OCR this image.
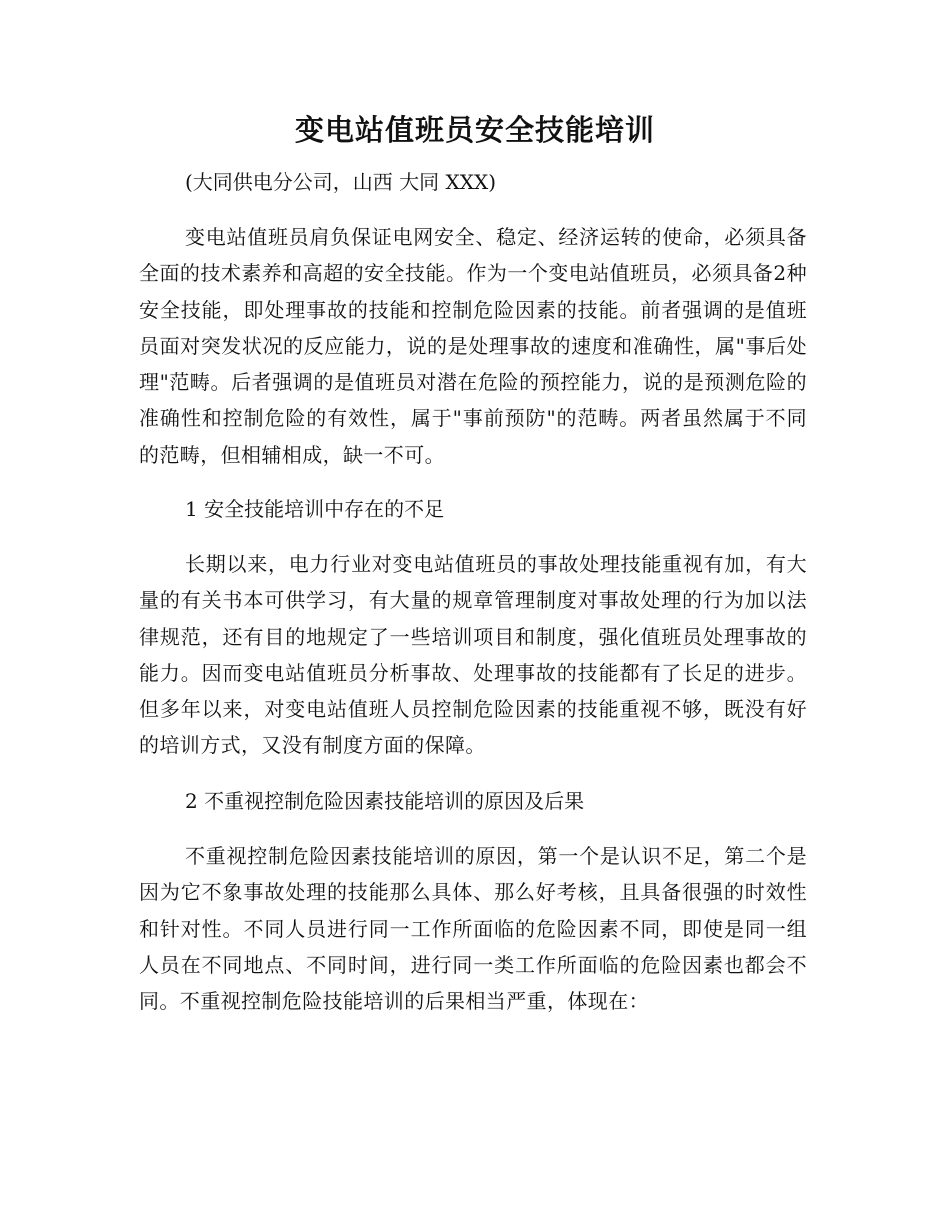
变电站值班员安全技能培训
(大同供电分公司，山西 大同 XXX)

变电站值班员肩负保证电网安全、稳定、经济运转的使命，必须具备全面的技术素养和高超的安全技能。作为一个变电站值班员，必须具备2种安全技能，即处理事故的技能和控制危险因素的技能。前者强调的是值班员面对突发状况的反应能力，说的是处理事故的速度和准确性，属"事后处理"范畴。后者强调的是值班员对潜在危险的预控能力，说的是预测危险的准确性和控制危险的有效性，属于"事前预防"的范畴。两者虽然属于不同的范畴，但相辅相成，缺一不可。

1 安全技能培训中存在的不足

长期以来，电力行业对变电站值班员的事故处理技能重视有加，有大量的有关书本可供学习，有大量的规章管理制度对事故处理的行为加以法律规范，还有目的地规定了一些培训项目和制度，强化值班员处理事故的能力。因而变电站值班员分析事故、处理事故的技能都有了长足的进步。 但多年以来，对变电站值班人员控制危险因素的技能重视不够，既没有好的培训方式，又没有制度方面的保障。

2 不重视控制危险因素技能培训的原因及后果

不重视控制危险因素技能培训的原因，第一个是认识不足，第二个是因为它不象事故处理的技能那么具体、那么好考核，且具备很强的时效性和针对性。不同人员进行同一工作所面临的危险因素不同，即使是同一组人员在不同地点、不同时间，进行同一类工作所面临的危险因素也都会不同。不重视控制危险技能培训的后果相当严重，体现在：
